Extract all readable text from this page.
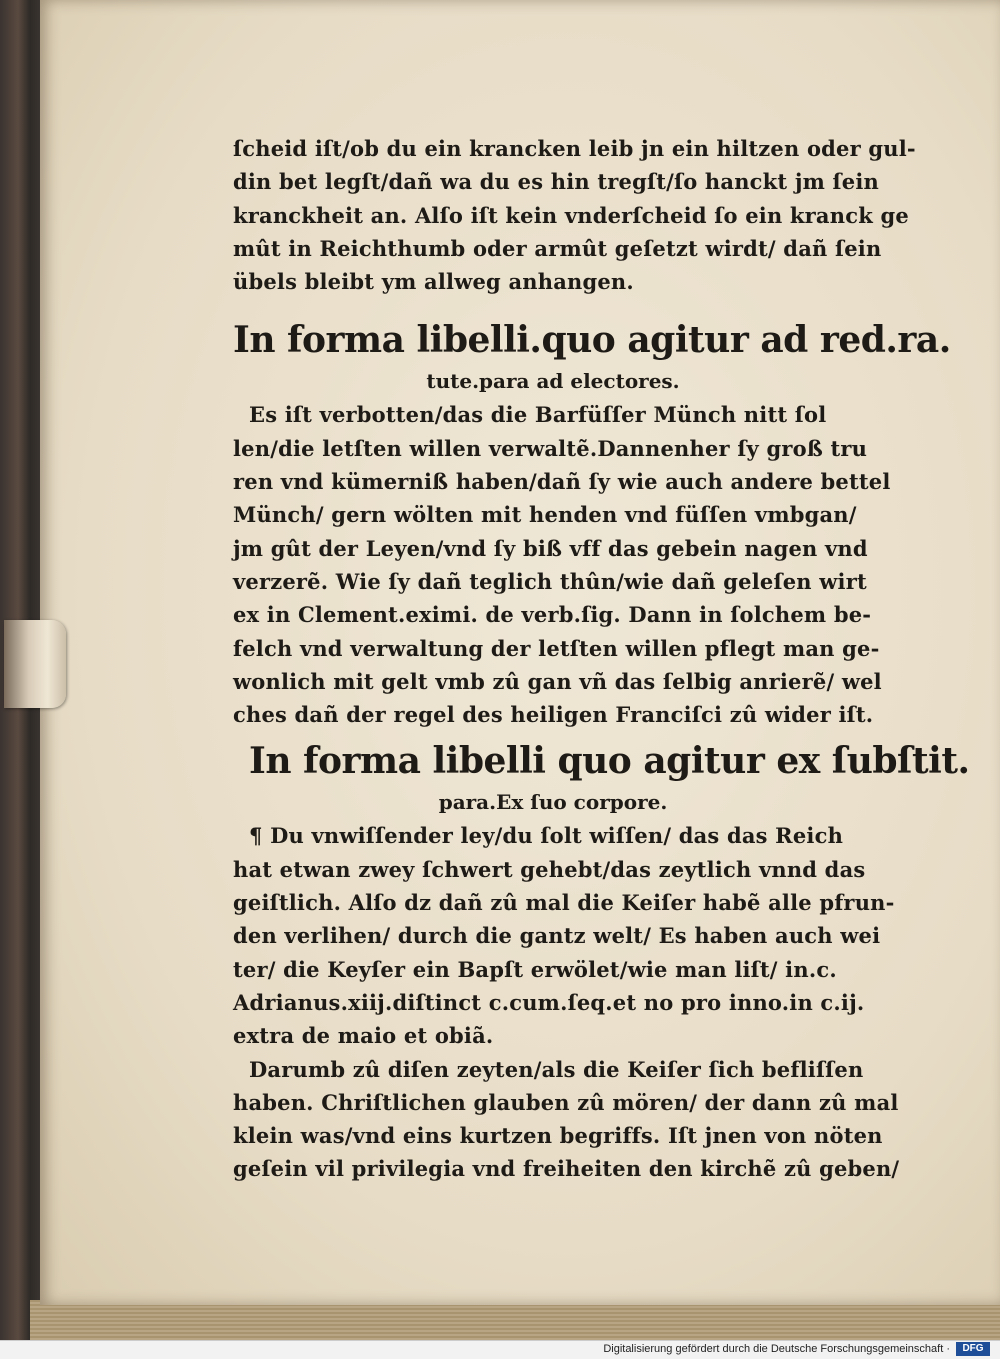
ſcheid iſt/ob du ein krancken leib jn ein hiltzen oder gul‑
din bet legſt/dañ wa du es hin tregſt/ſo hanckt jm ſein
kranckheit an. Alſo iſt kein vnderſcheid ſo ein kranck ge
mût in Reichthumb oder armût geſetzt wirdt/ dañ ſein
übels bleibt ym allweg anhangen.
In forma libelli.quo agitur ad red.ra.
tute.para ad electores.
Es iſt verbotten/das die Barfüſſer Münch nitt ſol
len/die letſten willen verwaltẽ.Dannenher ſy groß tru
ren vnd kümerniß haben/dañ ſy wie auch andere bettel
Münch/ gern wölten mit henden vnd füſſen vmbgan/
jm gût der Leyen/vnd ſy biß vff das gebein nagen vnd
verzerẽ. Wie ſy dañ teglich thûn/wie dañ geleſen wirt
ex in Clement.eximi. de verb.ſig. Dann in ſolchem be‑
felch vnd verwaltung der letſten willen pflegt man ge‑
wonlich mit gelt vmb zû gan vñ das ſelbig anrierẽ/ wel
ches dañ der regel des heiligen Franciſci zû wider iſt.
In forma libelli quo agitur ex ſubſtit.
para.Ex ſuo corpore.
¶ Du vnwiſſender ley/du ſolt wiſſen/ das das Reich
hat etwan zwey ſchwert gehebt/das zeytlich vnnd das
geiſtlich. Alſo dz dañ zû mal die Keiſer habẽ alle pfrun‑
den verlihen/ durch die gantz welt/ Es haben auch wei
ter/ die Keyſer ein Bapſt erwölet/wie man liſt/ in.c.
Adrianus.xiij.diſtinct c.cum.ſeq.et no pro inno.in c.ij.
extra de maio et obiã.
Darumb zû diſen zeyten/als die Keiſer ſich befliſſen
haben. Chriſtlichen glauben zû mören/ der dann zû mal
klein was/vnd eins kurtzen begriffs. Iſt jnen von nöten
geſein vil privilegia vnd freiheiten den kirchẽ zû geben/
Digitalisierung gefördert durch die Deutsche Forschungsgemeinschaft ·	DFG
